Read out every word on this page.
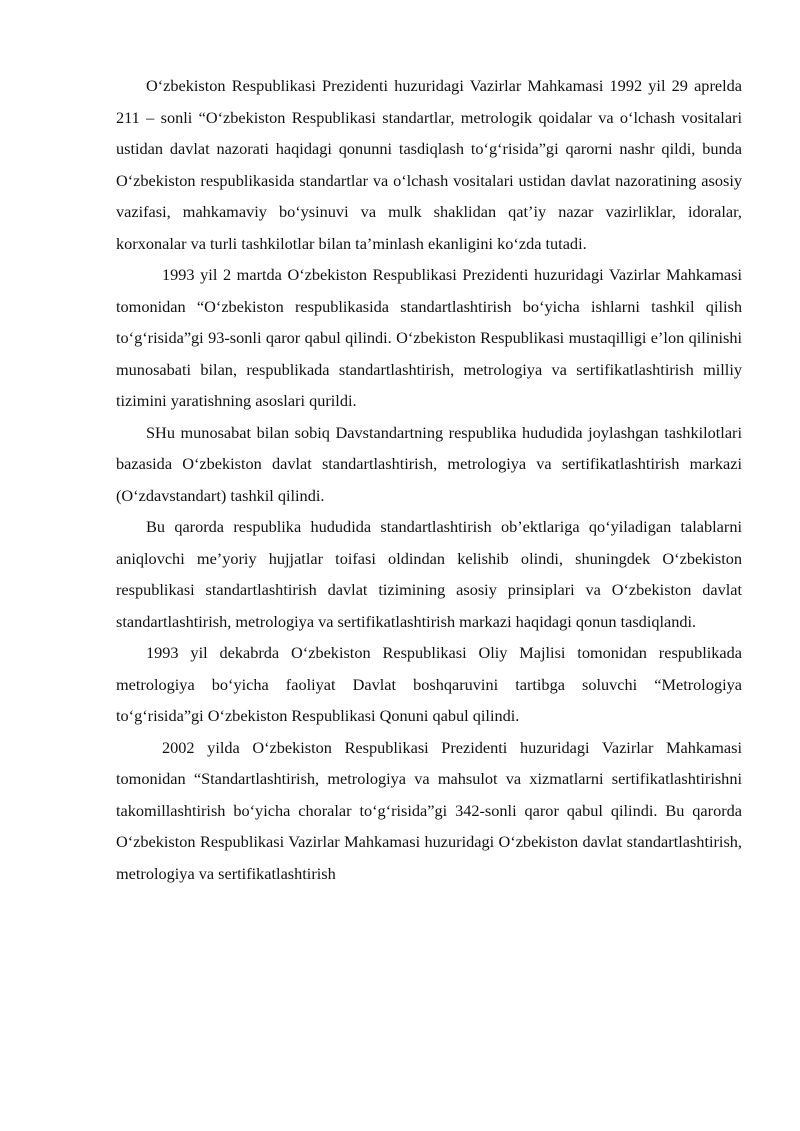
O‘zbekiston Respublikasi Prezidenti huzuridagi Vazirlar Mahkamasi 1992 yil 29 aprelda 211 – sonli “O‘zbekiston Respublikasi standartlar, metrologik qoidalar va o‘lchash vositalari ustidan davlat nazorati haqidagi qonunni tasdiqlash to‘g‘risida”gi qarorni nashr qildi, bunda O‘zbekiston respublikasida standartlar va o‘lchash vositalari ustidan davlat nazoratining asosiy vazifasi, mahkamaviy bo‘ysinuvi va mulk shaklidan qat’iy nazar vazirliklar, idoralar, korxonalar va turli tashkilotlar bilan ta’minlash ekanligini ko‘zda tutadi.

1993 yil 2 martda O‘zbekiston Respublikasi Prezidenti huzuridagi Vazirlar Mahkamasi tomonidan “O‘zbekiston respublikasida standartlashtirish bo‘yicha ishlarni tashkil qilish to‘g‘risida”gi 93-sonli qaror qabul qilindi. O‘zbekiston Respublikasi mustaqilligi e’lon qilinishi munosabati bilan, respublikada standartlashtirish, metrologiya va sertifikatlashtirish milliy tizimini yaratishning asoslari qurildi.

SHu munosabat bilan sobiq Davstandartning respublika hududida joylashgan tashkilotlari bazasida O‘zbekiston davlat standartlashtirish, metrologiya va sertifikatlashtirish markazi (O‘zdavstandart) tashkil qilindi.

Bu qarorda respublika hududida standartlashtirish ob’ektlariga qo‘yiladigan talablarni aniqlovchi me’yoriy hujjatlar toifasi oldindan kelishib olindi, shuningdek O‘zbekiston respublikasi standartlashtirish davlat tizimining asosiy prinsiplari va O‘zbekiston davlat standartlashtirish, metrologiya va sertifikatlashtirish markazi haqidagi qonun tasdiqlandi.

1993 yil dekabrda O‘zbekiston Respublikasi Oliy Majlisi tomonidan respublikada metrologiya bo‘yicha faoliyat Davlat boshqaruvini tartibga soluvchi “Metrologiya to‘g‘risida”gi O‘zbekiston Respublikasi Qonuni qabul qilindi.

2002 yilda O‘zbekiston Respublikasi Prezidenti huzuridagi Vazirlar Mahkamasi tomonidan “Standartlashtirish, metrologiya va mahsulot va xizmatlarni sertifikatlashtirishni takomillashtirish bo‘yicha choralar to‘g‘risida”gi 342-sonli qaror qabul qilindi. Bu qarorda O‘zbekiston Respublikasi Vazirlar Mahkamasi huzuridagi O‘zbekiston davlat standartlashtirish, metrologiya va sertifikatlashtirish
